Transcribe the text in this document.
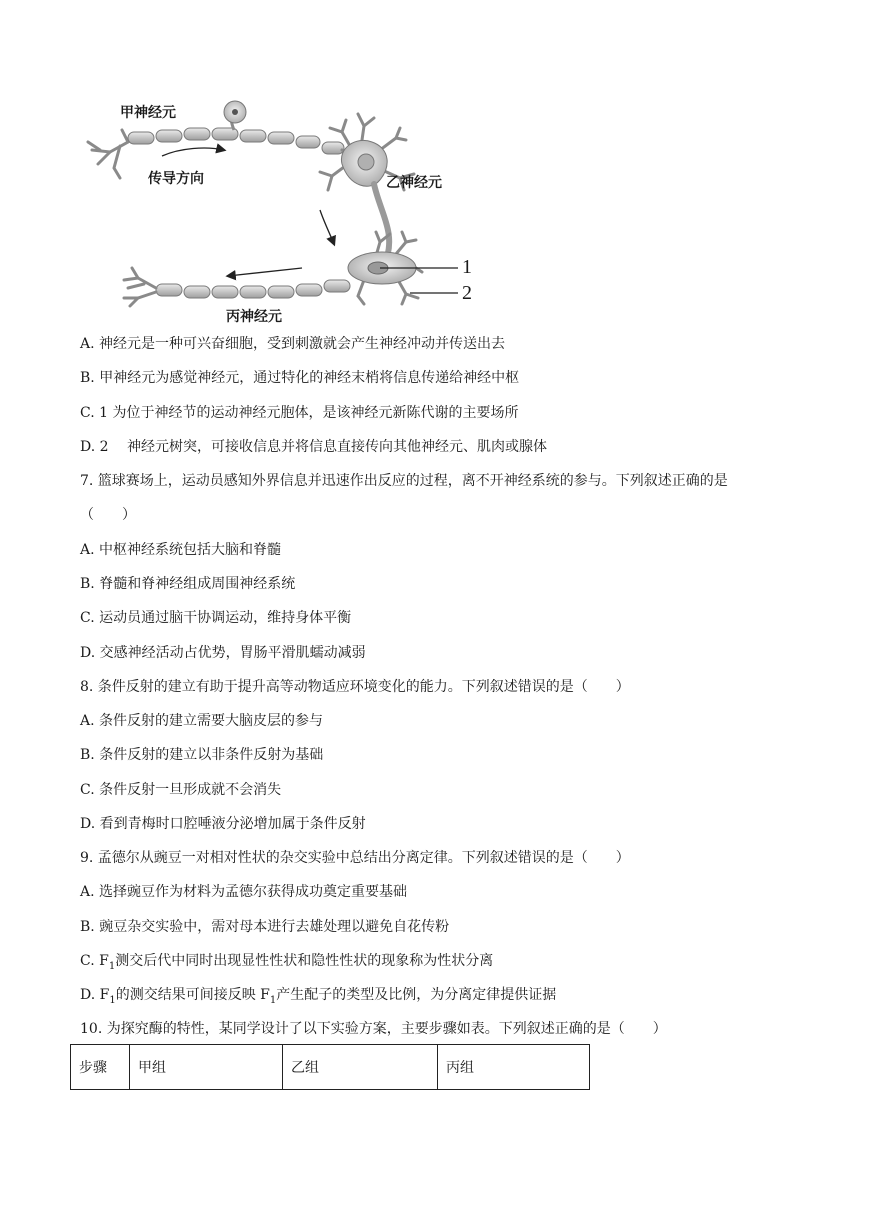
甲神经元
传导方向	乙神经元
丙神经元
1
2
A. 神经元是一种可兴奋细胞，受到刺激就会产生神经冲动并传送出去
B. 甲神经元为感觉神经元，通过特化的神经末梢将信息传递给神经中枢
C. 1 为位于神经节的运动神经元胞体，是该神经元新陈代谢的主要场所
D. 2　 神经元树突，可接收信息并将信息直接传向其他神经元、肌肉或腺体
7. 篮球赛场上，运动员感知外界信息并迅速作出反应的过程，离不开神经系统的参与。下列叙述正确的是
（　　）
A. 中枢神经系统包括大脑和脊髓
B. 脊髓和脊神经组成周围神经系统
C. 运动员通过脑干协调运动，维持身体平衡
D. 交感神经活动占优势，胃肠平滑肌蠕动减弱
8. 条件反射的建立有助于提升高等动物适应环境变化的能力。下列叙述错误的是（　　）
A. 条件反射的建立需要大脑皮层的参与
B. 条件反射的建立以非条件反射为基础
C. 条件反射一旦形成就不会消失
D. 看到青梅时口腔唾液分泌增加属于条件反射
9. 孟德尔从豌豆一对相对性状的杂交实验中总结出分离定律。下列叙述错误的是（　　）
A. 选择豌豆作为材料为孟德尔获得成功奠定重要基础
B. 豌豆杂交实验中，需对母本进行去雄处理以避免自花传粉
C. $F_1$测交后代中同时出现显性性状和隐性性状的现象称为性状分离
D. $F_1$的测交结果可间接反映 $F_1$产生配子的类型及比例，为分离定律提供证据
10. 为探究酶的特性，某同学设计了以下实验方案，主要步骤如表。下列叙述正确的是（　　）
步骤	甲组	乙组	丙组
